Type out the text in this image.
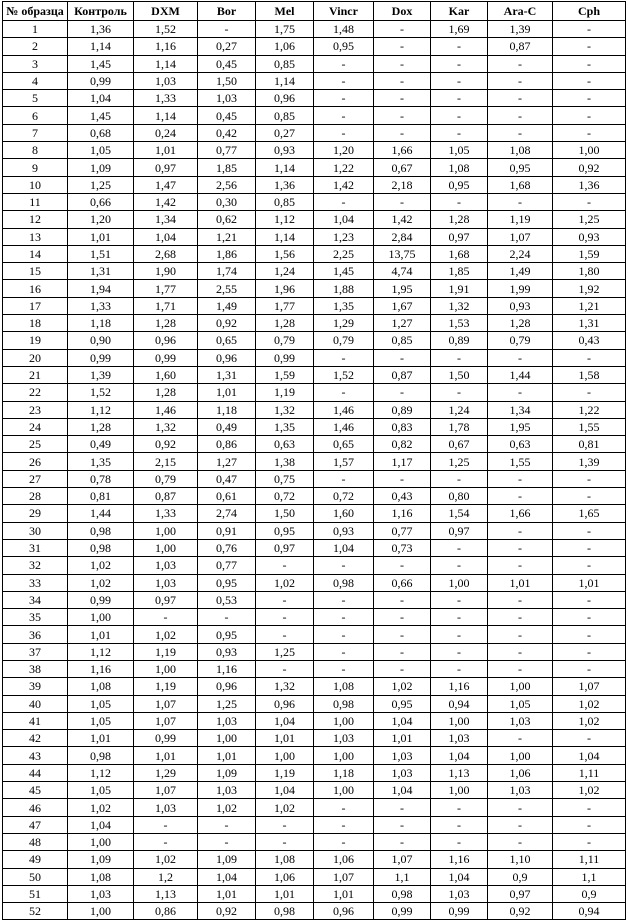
№ образца	Контроль	DXM	Bor	Mel	Vincr	Dox	Kar	Ara-C	Cph
1	1,36	1,52	-	1,75	1,48	-	1,69	1,39	-
2	1,14	1,16	0,27	1,06	0,95	-	-	0,87	-
3	1,45	1,14	0,45	0,85	-	-	-	-	-
4	0,99	1,03	1,50	1,14	-	-	-	-	-
5	1,04	1,33	1,03	0,96	-	-	-	-	-
6	1,45	1,14	0,45	0,85	-	-	-	-	-
7	0,68	0,24	0,42	0,27	-	-	-	-	-
8	1,05	1,01	0,77	0,93	1,20	1,66	1,05	1,08	1,00
9	1,09	0,97	1,85	1,14	1,22	0,67	1,08	0,95	0,92
10	1,25	1,47	2,56	1,36	1,42	2,18	0,95	1,68	1,36
11	0,66	1,42	0,30	0,85	-	-	-	-	-
12	1,20	1,34	0,62	1,12	1,04	1,42	1,28	1,19	1,25
13	1,01	1,04	1,21	1,14	1,23	2,84	0,97	1,07	0,93
14	1,51	2,68	1,86	1,56	2,25	13,75	1,68	2,24	1,59
15	1,31	1,90	1,74	1,24	1,45	4,74	1,85	1,49	1,80
16	1,94	1,77	2,55	1,96	1,88	1,95	1,91	1,99	1,92
17	1,33	1,71	1,49	1,77	1,35	1,67	1,32	0,93	1,21
18	1,18	1,28	0,92	1,28	1,29	1,27	1,53	1,28	1,31
19	0,90	0,96	0,65	0,79	0,79	0,85	0,89	0,79	0,43
20	0,99	0,99	0,96	0,99	-	-	-	-	-
21	1,39	1,60	1,31	1,59	1,52	0,87	1,50	1,44	1,58
22	1,52	1,28	1,01	1,19	-	-	-	-	-
23	1,12	1,46	1,18	1,32	1,46	0,89	1,24	1,34	1,22
24	1,28	1,32	0,49	1,35	1,46	0,83	1,78	1,95	1,55
25	0,49	0,92	0,86	0,63	0,65	0,82	0,67	0,63	0,81
26	1,35	2,15	1,27	1,38	1,57	1,17	1,25	1,55	1,39
27	0,78	0,79	0,47	0,75	-	-	-	-	-
28	0,81	0,87	0,61	0,72	0,72	0,43	0,80	-	-
29	1,44	1,33	2,74	1,50	1,60	1,16	1,54	1,66	1,65
30	0,98	1,00	0,91	0,95	0,93	0,77	0,97	-	-
31	0,98	1,00	0,76	0,97	1,04	0,73	-	-	-
32	1,02	1,03	0,77	-	-	-	-	-	-
33	1,02	1,03	0,95	1,02	0,98	0,66	1,00	1,01	1,01
34	0,99	0,97	0,53	-	-	-	-	-	-
35	1,00	-	-	-	-	-	-	-	-
36	1,01	1,02	0,95	-	-	-	-	-	-
37	1,12	1,19	0,93	1,25	-	-	-	-	-
38	1,16	1,00	1,16	-	-	-	-	-	-
39	1,08	1,19	0,96	1,32	1,08	1,02	1,16	1,00	1,07
40	1,05	1,07	1,25	0,96	0,98	0,95	0,94	1,05	1,02
41	1,05	1,07	1,03	1,04	1,00	1,04	1,00	1,03	1,02
42	1,01	0,99	1,00	1,01	1,03	1,01	1,03	-	-
43	0,98	1,01	1,01	1,00	1,00	1,03	1,04	1,00	1,04
44	1,12	1,29	1,09	1,19	1,18	1,03	1,13	1,06	1,11
45	1,05	1,07	1,03	1,04	1,00	1,04	1,00	1,03	1,02
46	1,02	1,03	1,02	1,02	-	-	-	-	-
47	1,04	-	-	-	-	-	-	-	-
48	1,00	-	-	-	-	-	-	-	-
49	1,09	1,02	1,09	1,08	1,06	1,07	1,16	1,10	1,11
50	1,08	1,2	1,04	1,06	1,07	1,1	1,04	0,9	1,1
51	1,03	1,13	1,01	1,01	1,01	0,98	1,03	0,97	0,9
52	1,00	0,86	0,92	0,98	0,96	0,99	0,99	0,92	0,94
